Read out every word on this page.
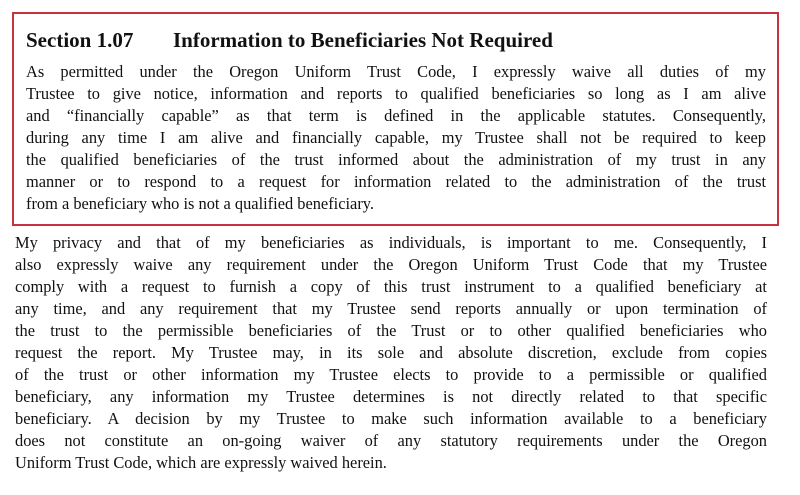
Section 1.07 Information to Beneficiaries Not Required
As permitted under the Oregon Uniform Trust Code, I expressly waive all duties of my
Trustee to give notice, information and reports to qualified beneficiaries so long as I am alive
and “financially capable” as that term is defined in the applicable statutes. Consequently,
during any time I am alive and financially capable, my Trustee shall not be required to keep
the qualified beneficiaries of the trust informed about the administration of my trust in any
manner or to respond to a request for information related to the administration of the trust
from a beneficiary who is not a qualified beneficiary.
My privacy and that of my beneficiaries as individuals, is important to me. Consequently, I
also expressly waive any requirement under the Oregon Uniform Trust Code that my Trustee
comply with a request to furnish a copy of this trust instrument to a qualified beneficiary at
any time, and any requirement that my Trustee send reports annually or upon termination of
the trust to the permissible beneficiaries of the Trust or to other qualified beneficiaries who
request the report. My Trustee may, in its sole and absolute discretion, exclude from copies
of the trust or other information my Trustee elects to provide to a permissible or qualified
beneficiary, any information my Trustee determines is not directly related to that specific
beneficiary. A decision by my Trustee to make such information available to a beneficiary
does not constitute an on-going waiver of any statutory requirements under the Oregon
Uniform Trust Code, which are expressly waived herein.
